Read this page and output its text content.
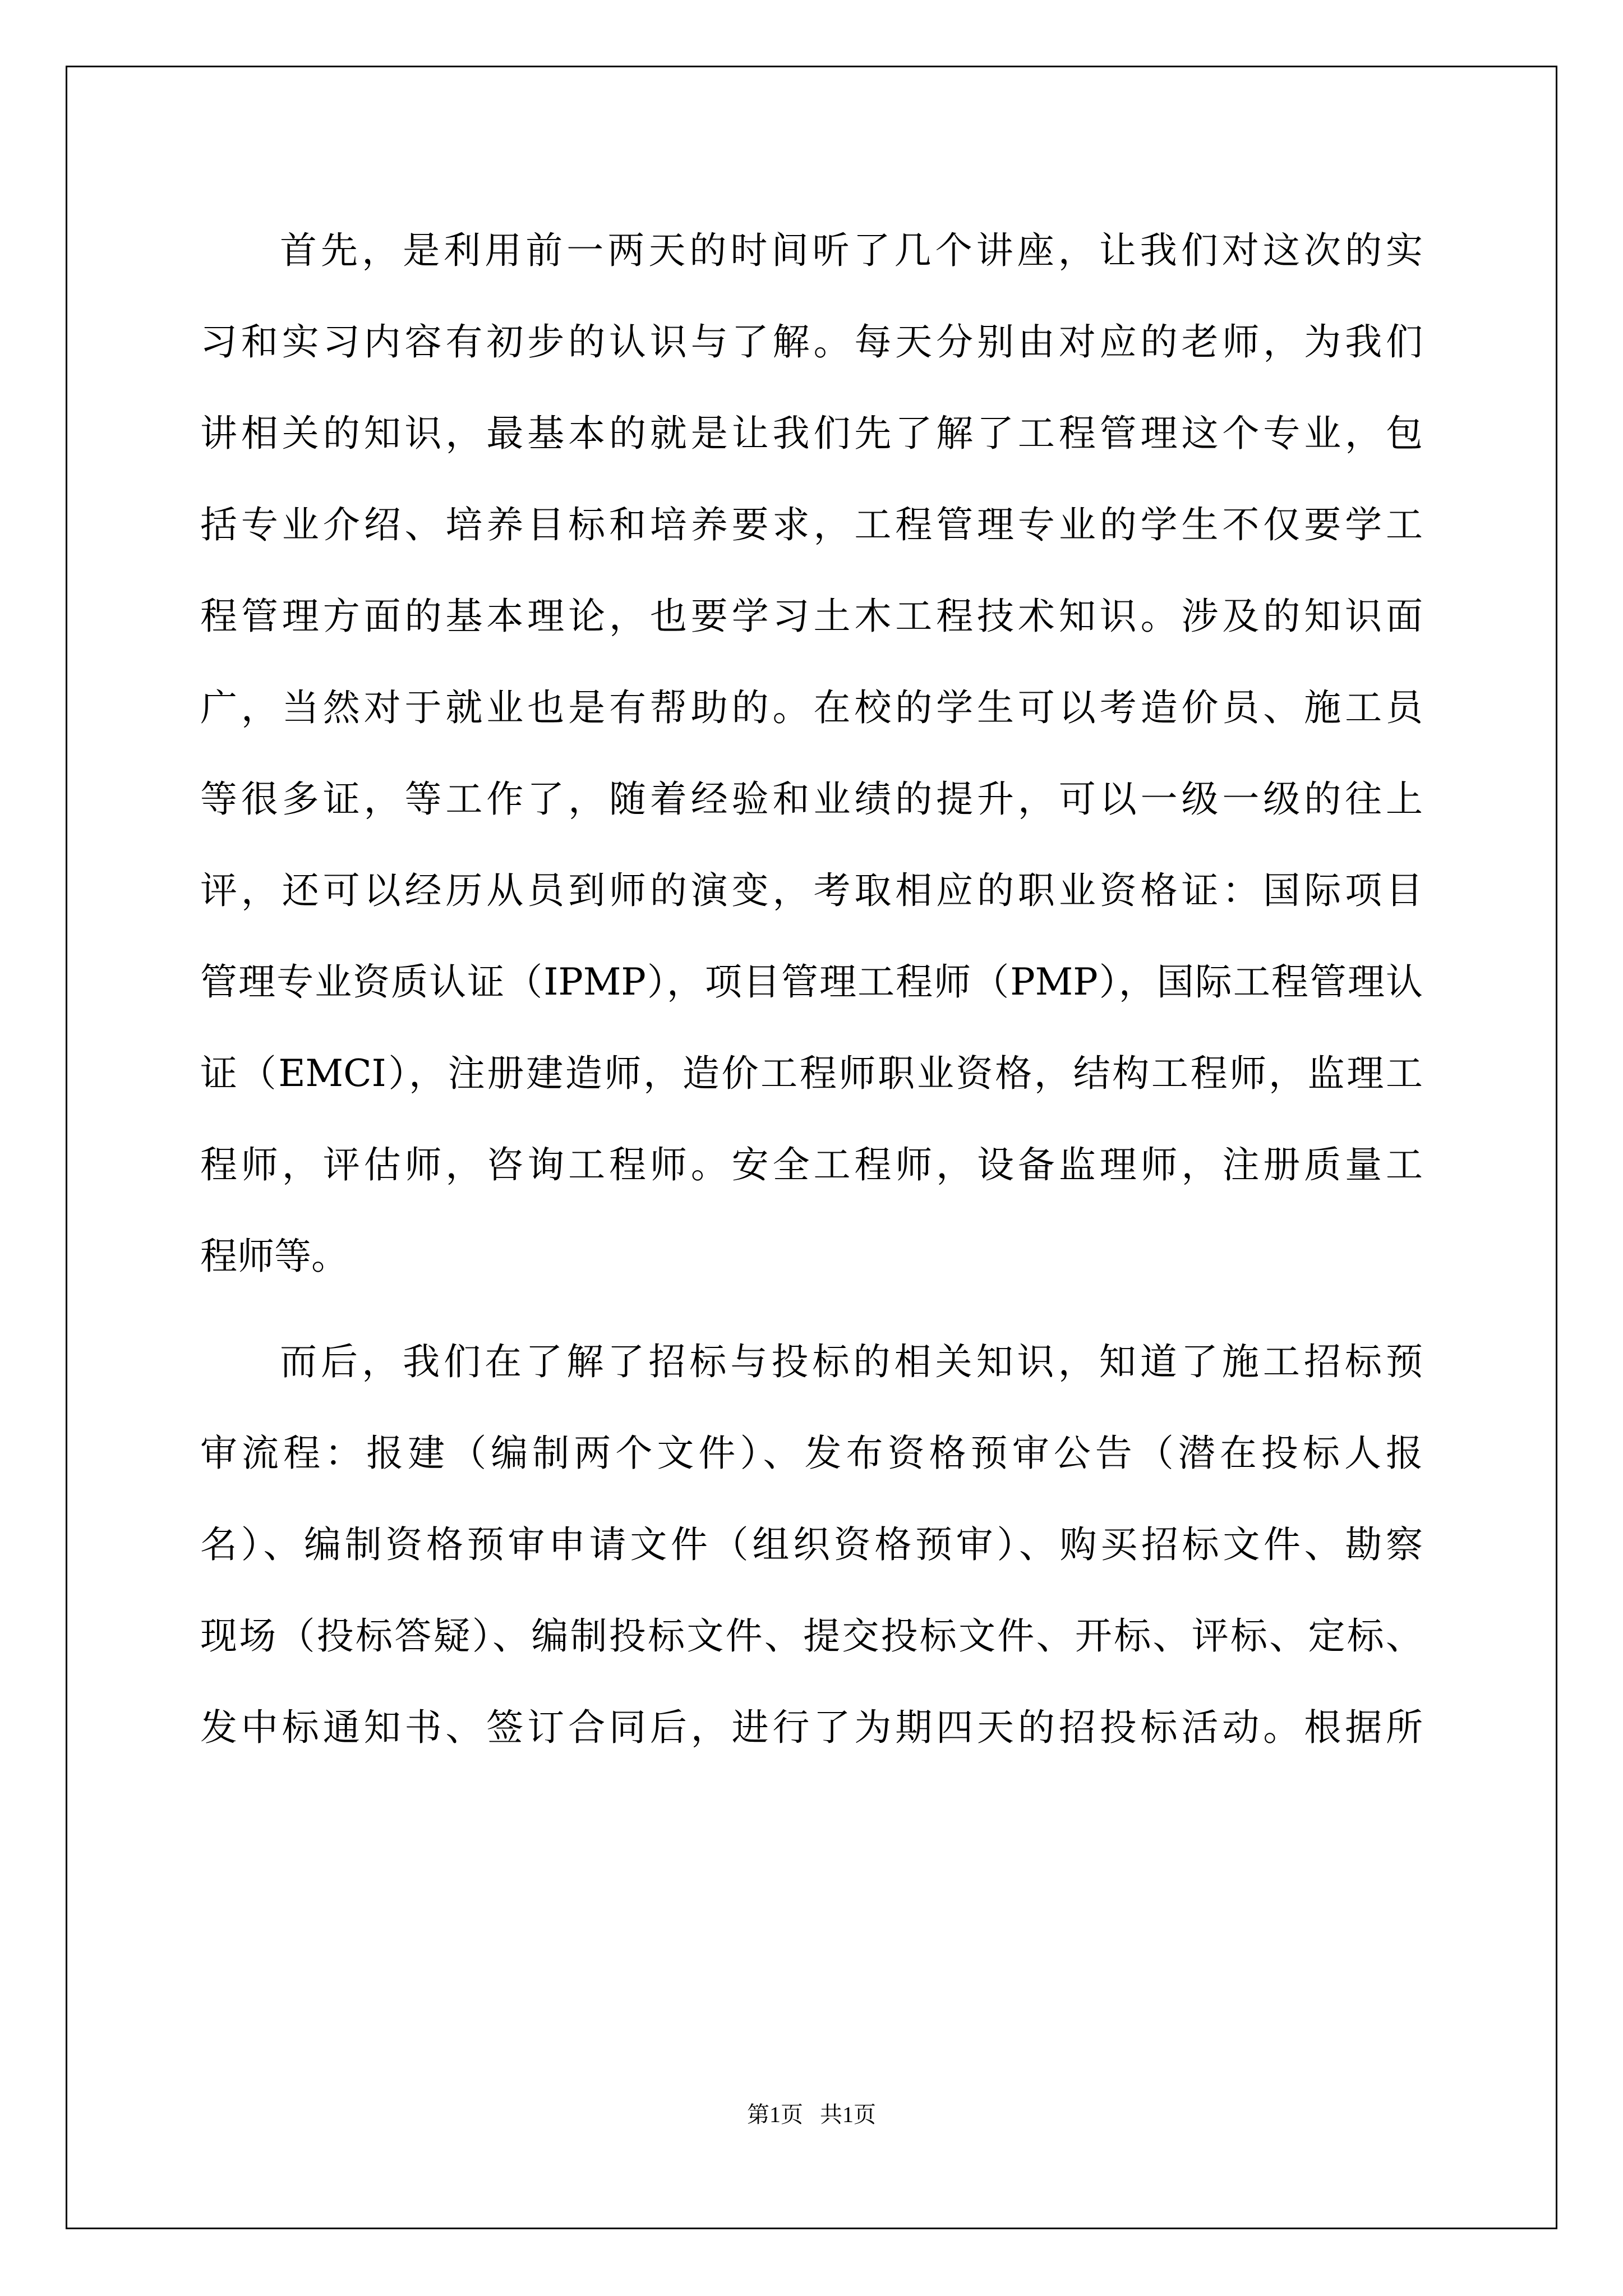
首先，是利用前一两天的时间听了几个讲座，让我们对这次的实
习和实习内容有初步的认识与了解。每天分别由对应的老师，为我们
讲相关的知识，最基本的就是让我们先了解了工程管理这个专业，包
括专业介绍、培养目标和培养要求，工程管理专业的学生不仅要学工
程管理方面的基本理论，也要学习土木工程技术知识。涉及的知识面
广，当然对于就业也是有帮助的。在校的学生可以考造价员、施工员
等很多证，等工作了，随着经验和业绩的提升，可以一级一级的往上
评，还可以经历从员到师的演变，考取相应的职业资格证：国际项目
管理专业资质认证（IPMP），项目管理工程师（PMP），国际工程管理认
证（EMCI），注册建造师，造价工程师职业资格，结构工程师，监理工
程师，评估师，咨询工程师。安全工程师，设备监理师，注册质量工
程师等。
而后，我们在了解了招标与投标的相关知识，知道了施工招标预
审流程：报建（编制两个文件）、发布资格预审公告（潜在投标人报
名）、编制资格预审申请文件（组织资格预审）、购买招标文件、勘察
现场（投标答疑）、编制投标文件、提交投标文件、开标、评标、定标、
发中标通知书、签订合同后，进行了为期四天的招投标活动。根据所
第1页   共1页
